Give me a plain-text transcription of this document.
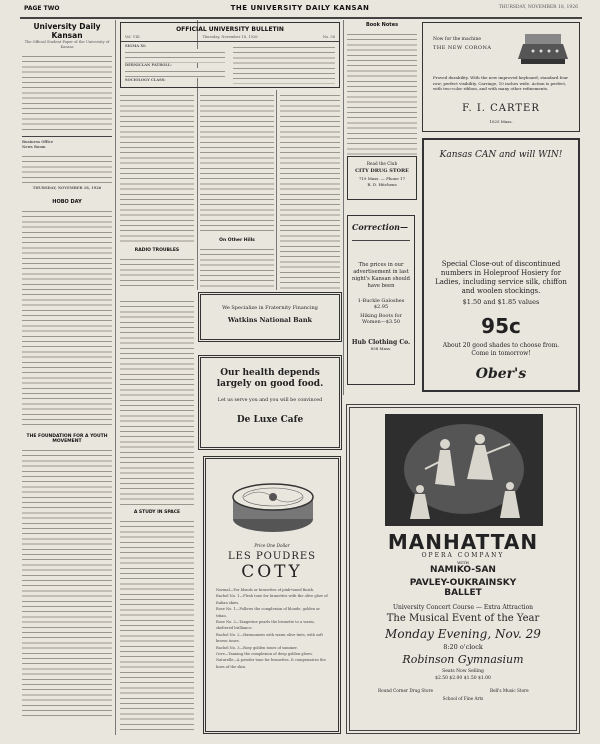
PAGE TWO	THE UNIVERSITY DAILY KANSAN	THURSDAY, NOVEMBER 18, 1926
University Daily Kansan
The Official Student Paper of the University of Kansas
Business Office
News Room
THURSDAY, NOVEMBER 18, 1926
HOBO DAY
THE FOUNDATION FOR A YOUTH MOVEMENT
OFFICIAL UNIVERSITY BULLETIN
Vol. VIII	Thursday, November 18, 1926	No. 58
SIGMA XI:
DERNICLAN PATROLL:
SOCIOLOGY CLASS:
RADIO TROUBLES
On Other Hills
We Specialize in Fraternity Financing
Watkins National Bank
A STUDY IN SPACE
Our health depends largely on good food.
Let us serve you and you will be convinced
De Luxe Cafe
Price One Dollar
LES POUDRES
COTY
Normal—For blonds or brunettes of pink-toned finish.
Rachel No. 1—Flesh tone for brunettes with the olive glow of Italian skies.
Rose No. 1—Follows the complexion of blonde, golden or titian.
Rose No. 2—Tangerine pearls the brunette to a warm, sheltered brilliance.
Rachel No. 2—Harmonizes with warm olive tints, with soft brown tones.
Rachel No. 3—Rosy golden tones of summer.
Ocre—Tanning the complexion of deep golden glows.
Naturelle—A powder tone for brunettes. It compensates the hues of the skin.
Book Notes
Read the Club
CITY DRUG STORE
719 Mass. — Phone 17
R. D. Hitchens
Correction—
The prices in our advertisement in last night's Kansan should have been
1-Buckle Galoshes
$2.95
Hiking Boots for Women—$3.50
Hub Clothing Co.
838 Mass.
Now for the machine
THE NEW CORONA
Proved durability. With the new improved keyboard; standard four row; perfect visibility. Carriage, 10 inches wide. Action is perfect, with two-color ribbon, and with many other refinements.
F. I. CARTER
1025 Mass.
Kansas CAN and will WIN!
Special Close-out of discontinued numbers in Holeproof Hosiery for Ladies, including service silk, chiffon and woolen stockings.
$1.50 and $1.85 values
95c
About 20 good shades to choose from. Come in tomorrow!
Ober's
MANHATTAN
OPERA COMPANY
WITH
NAMIKO-SAN
PAVLEY-OUKRAINSKY BALLET
University Concert Course — Extra Attraction
The Musical Event of the Year
Monday Evening, Nov. 29
8:20 o'clock
Robinson Gymnasium
Seats Now Selling
$2.50 $2.00 $1.50 $1.00
Round Corner Drug Store	Bell's Music Store
School of Fine Arts
